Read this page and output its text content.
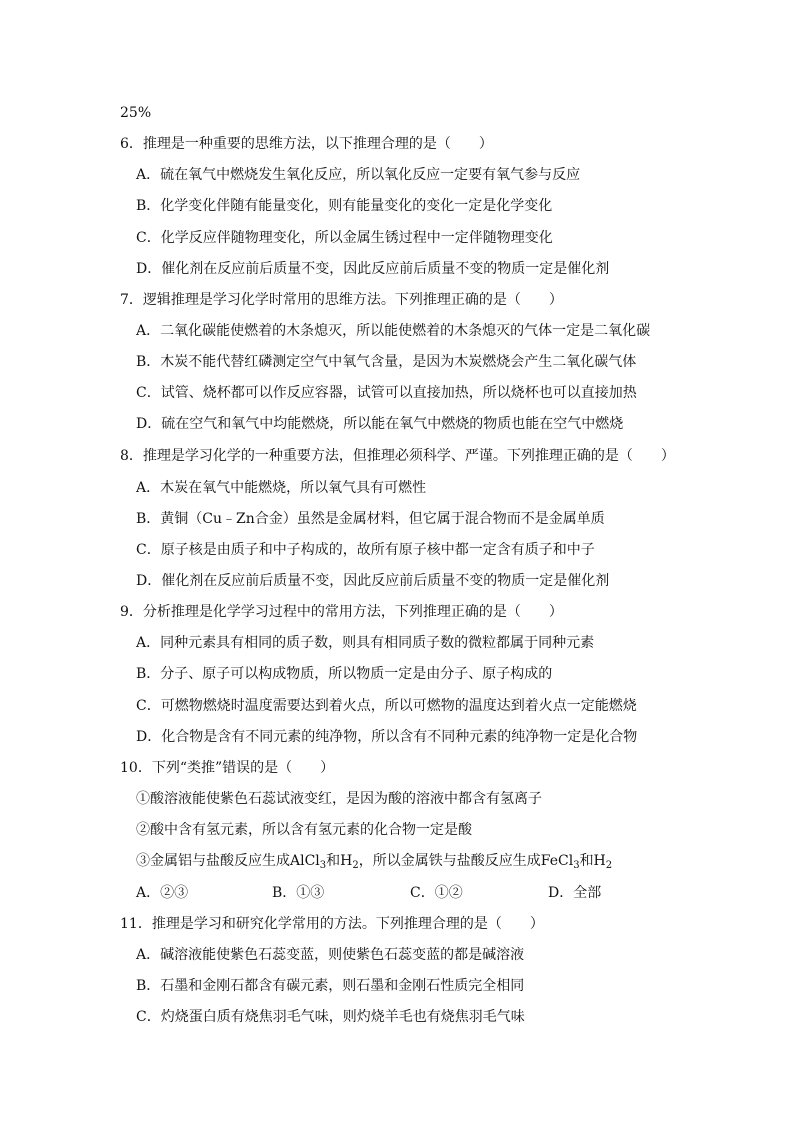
25%
6．推理是一种重要的思维方法，以下推理合理的是（　　）
A．硫在氧气中燃烧发生氧化反应，所以氧化反应一定要有氧气参与反应
B．化学变化伴随有能量变化，则有能量变化的变化一定是化学变化
C．化学反应伴随物理变化，所以金属生锈过程中一定伴随物理变化
D．催化剂在反应前后质量不变，因此反应前后质量不变的物质一定是催化剂
7．逻辑推理是学习化学时常用的思维方法。下列推理正确的是（　　）
A．二氧化碳能使燃着的木条熄灭，所以能使燃着的木条熄灭的气体一定是二氧化碳
B．木炭不能代替红磷测定空气中氧气含量，是因为木炭燃烧会产生二氧化碳气体
C．试管、烧杯都可以作反应容器，试管可以直接加热，所以烧杯也可以直接加热
D．硫在空气和氧气中均能燃烧，所以能在氧气中燃烧的物质也能在空气中燃烧
8．推理是学习化学的一种重要方法，但推理必须科学、严谨。下列推理正确的是（　　）
A．木炭在氧气中能燃烧，所以氧气具有可燃性
B．黄铜（Cu﹣Zn合金）虽然是金属材料，但它属于混合物而不是金属单质
C．原子核是由质子和中子构成的，故所有原子核中都一定含有质子和中子
D．催化剂在反应前后质量不变，因此反应前后质量不变的物质一定是催化剂
9．分析推理是化学学习过程中的常用方法，下列推理正确的是（　　）
A．同种元素具有相同的质子数，则具有相同质子数的微粒都属于同种元素
B．分子、原子可以构成物质，所以物质一定是由分子、原子构成的
C．可燃物燃烧时温度需要达到着火点，所以可燃物的温度达到着火点一定能燃烧
D．化合物是含有不同元素的纯净物，所以含有不同种元素的纯净物一定是化合物
10．下列“类推”错误的是（　　）
①酸溶液能使紫色石蕊试液变红，是因为酸的溶液中都含有氢离子
②酸中含有氢元素，所以含有氢元素的化合物一定是酸
③金属铝与盐酸反应生成AlCl$_3$和$H_2$，所以金属铁与盐酸反应生成FeCl$_3$和$H_2$
A．②③	B．①③	C．①②	D．全部
11．推理是学习和研究化学常用的方法。下列推理合理的是（　　）
A．碱溶液能使紫色石蕊变蓝，则使紫色石蕊变蓝的都是碱溶液
B．石墨和金刚石都含有碳元素，则石墨和金刚石性质完全相同
C．灼烧蛋白质有烧焦羽毛气味，则灼烧羊毛也有烧焦羽毛气味
